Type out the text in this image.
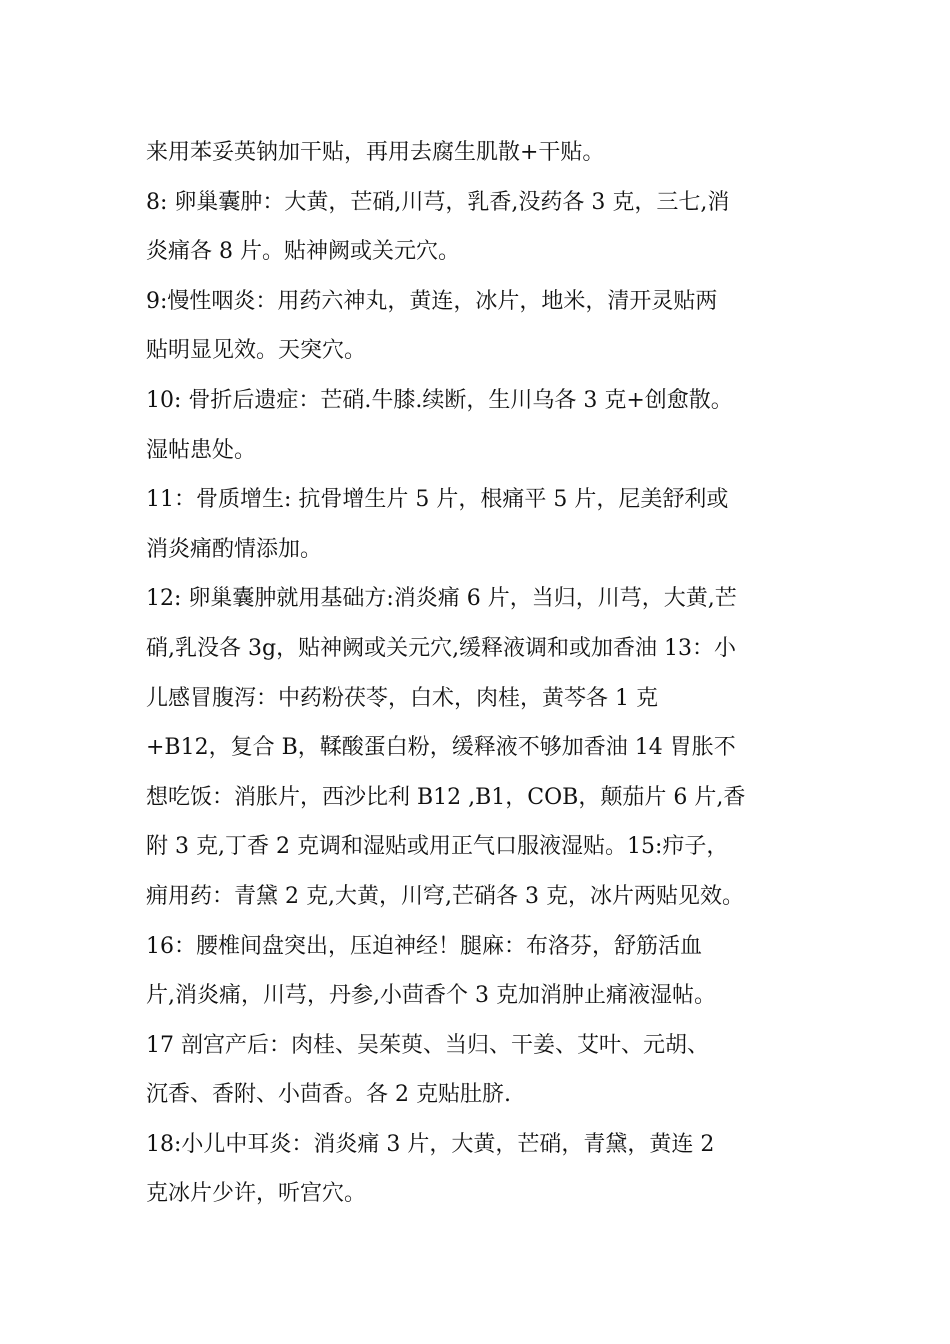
来用苯妥英钠加干贴，再用去腐生肌散+干贴。
8: 卵巢囊肿：大黄，芒硝,川芎，乳香,没药各 3 克，三七,消
炎痛各 8 片。贴神阙或关元穴。
9:慢性咽炎：用药六神丸，黄连，冰片，地米，清开灵贴两
贴明显见效。天突穴。
10: 骨折后遗症：芒硝.牛膝.续断，生川乌各 3 克+创愈散。
湿帖患处。
11：骨质增生: 抗骨增生片 5 片，根痛平 5 片，尼美舒利或
消炎痛酌情添加。
12: 卵巢囊肿就用基础方:消炎痛 6 片，当归，川芎，大黄,芒
硝,乳没各 3g，贴神阙或关元穴,缓释液调和或加香油 13：小
儿感冒腹泻：中药粉茯苓，白术，肉桂，黄芩各 1 克
+B12，复合 B，鞣酸蛋白粉，缓释液不够加香油 14 胃胀不
想吃饭：消胀片，西沙比利 B12 ,B1，COB，颠茄片 6 片,香
附 3 克,丁香 2 克调和湿贴或用正气口服液湿贴。15:疖子，
痈用药：青黛 2 克,大黄，川穹,芒硝各 3 克，冰片两贴见效。
16：腰椎间盘突出，压迫神经！腿麻：布洛芬，舒筋活血
片,消炎痛，川芎，丹参,小茴香个 3 克加消肿止痛液湿帖。
17 剖宫产后：肉桂、吴茱萸、当归、干姜、艾叶、元胡、
沉香、香附、小茴香。各 2 克贴肚脐.
18:小儿中耳炎：消炎痛 3 片，大黄，芒硝，青黛，黄连 2
克冰片少许，听宫穴。
